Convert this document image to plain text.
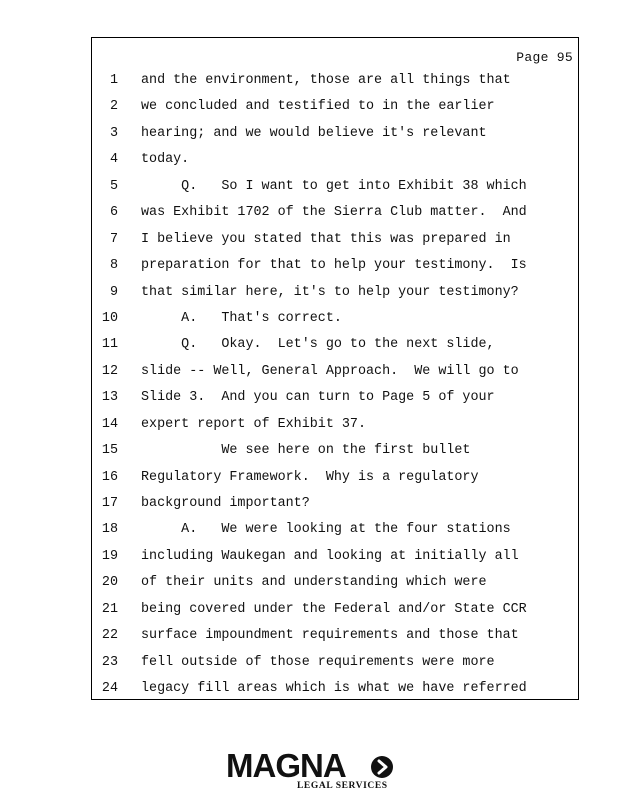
Page 95
1 and the environment, those are all things that
2 we concluded and testified to in the earlier
3 hearing; and we would believe it's relevant
4 today.
5 Q.   So I want to get into Exhibit 38 which
6 was Exhibit 1702 of the Sierra Club matter.  And
7 I believe you stated that this was prepared in
8 preparation for that to help your testimony.  Is
9 that similar here, it's to help your testimony?
10 A.   That's correct.
11 Q.   Okay.  Let's go to the next slide,
12 slide -- Well, General Approach.  We will go to
13 Slide 3.  And you can turn to Page 5 of your
14 expert report of Exhibit 37.
15 We see here on the first bullet
16 Regulatory Framework.  Why is a regulatory
17 background important?
18 A.   We were looking at the four stations
19 including Waukegan and looking at initially all
20 of their units and understanding which were
21 being covered under the Federal and/or State CCR
22 surface impoundment requirements and those that
23 fell outside of those requirements were more
24 legacy fill areas which is what we have referred
MAGNA
LEGAL SERVICES
